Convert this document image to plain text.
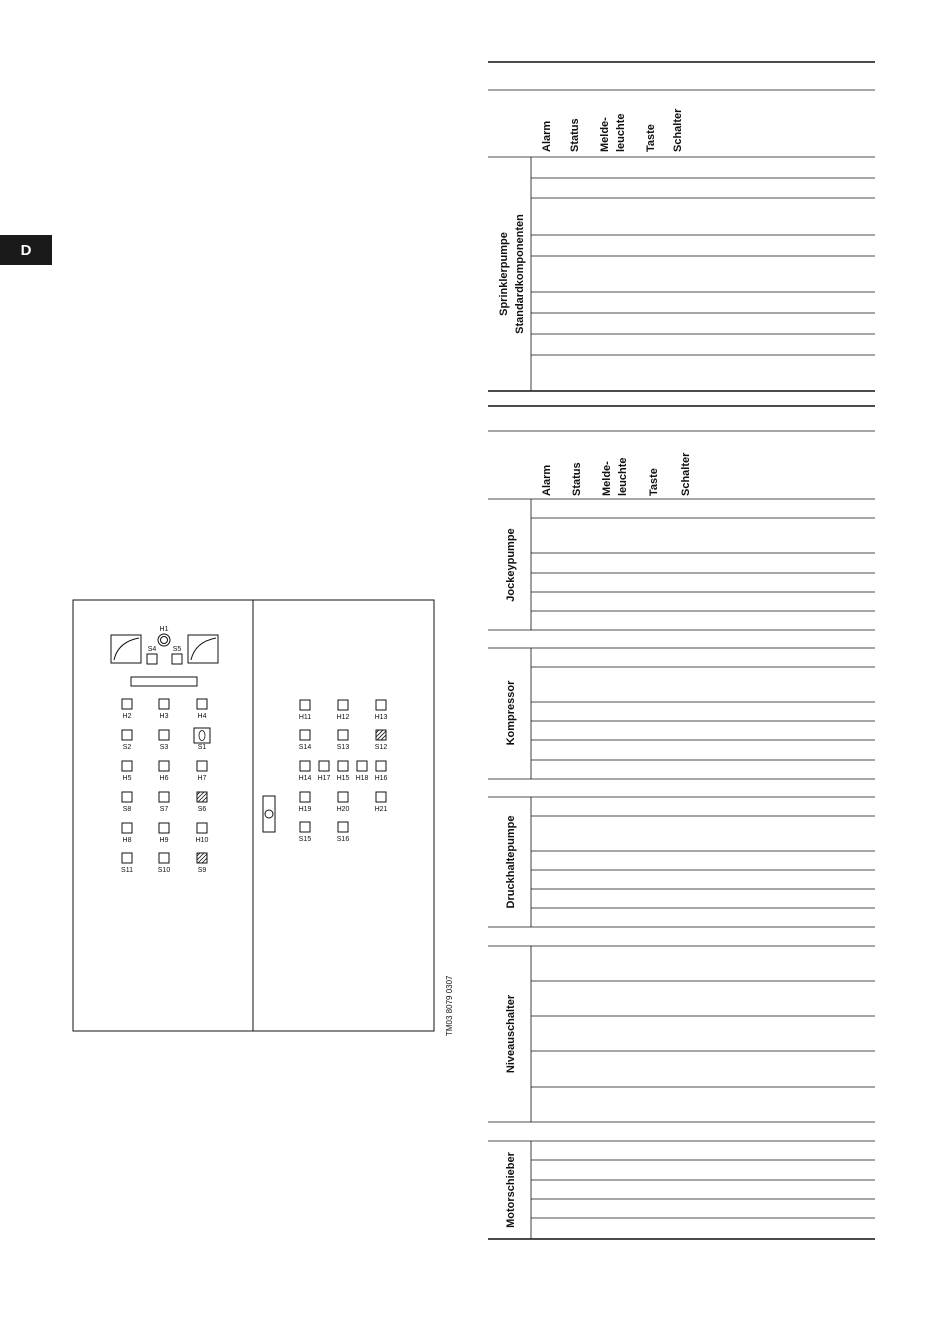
D
H2	H3	H4
S2	S3	S1
H5	H6	H7
S8	S7	S6
H8	H9	H10
S11	S10	S9
H11	H12	H13
S14	S13	S12
H14 H17 H15 H18 H16
H19	H20	H21
S15	S16
H1
S4 S5
TM03 8079 0307
Alarm Status Melde- leuchte Taste Schalter
Sprinklerpumpe Standardkomponenten
Alarm Status Melde- leuchte Taste Schalter
Jockeypumpe
Kompressor
Druckhaltepumpe
Niveauschalter
Motorschieber
